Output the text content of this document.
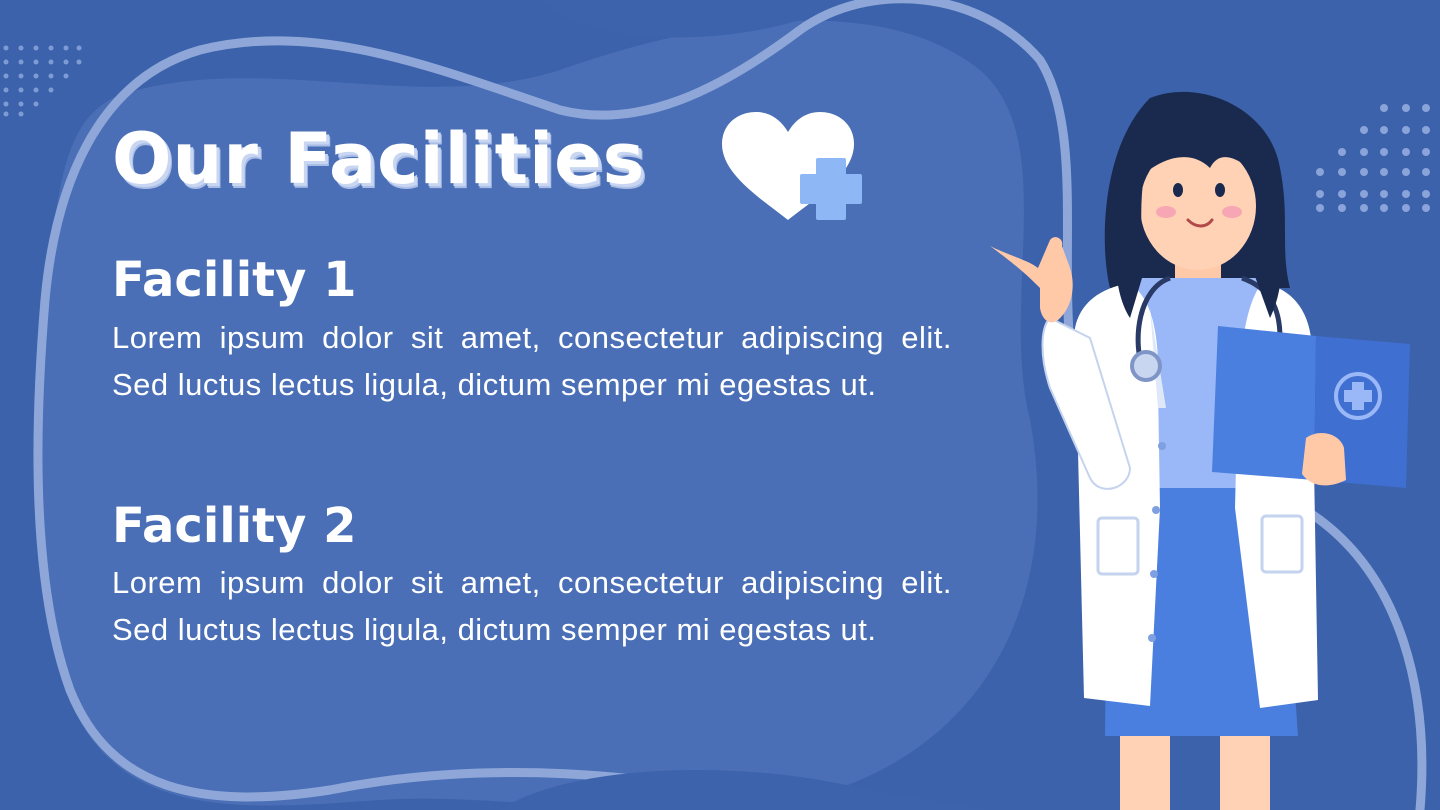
Our Facilities
Facility 1

Lorem ipsum dolor sit amet, consectetur adipiscing elit. Sed luctus lectus ligula, dictum semper mi egestas ut.

Facility 2

Lorem ipsum dolor sit amet, consectetur adipiscing elit. Sed luctus lectus ligula, dictum semper mi egestas ut.
